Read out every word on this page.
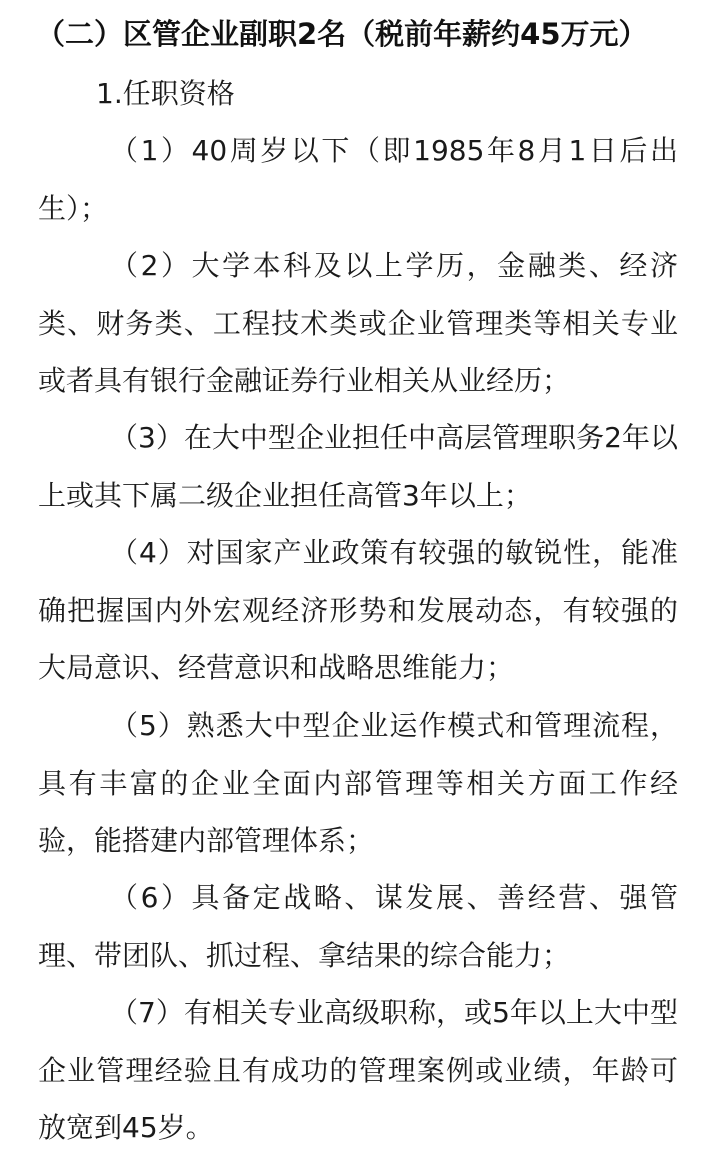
（二）区管企业副职2名（税前年薪约45万元）
1.任职资格
（1）40周岁以下（即1985年8月1日后出生）；
（2）大学本科及以上学历，金融类、经济类、财务类、工程技术类或企业管理类等相关专业或者具有银行金融证券行业相关从业经历；
（3）在大中型企业担任中高层管理职务2年以上或其下属二级企业担任高管3年以上；
（4）对国家产业政策有较强的敏锐性，能准确把握国内外宏观经济形势和发展动态，有较强的大局意识、经营意识和战略思维能力；
（5）熟悉大中型企业运作模式和管理流程，具有丰富的企业全面内部管理等相关方面工作经验，能搭建内部管理体系；
（6）具备定战略、谋发展、善经营、强管理、带团队、抓过程、拿结果的综合能力；
（7）有相关专业高级职称，或5年以上大中型企业管理经验且有成功的管理案例或业绩，年龄可放宽到45岁。
